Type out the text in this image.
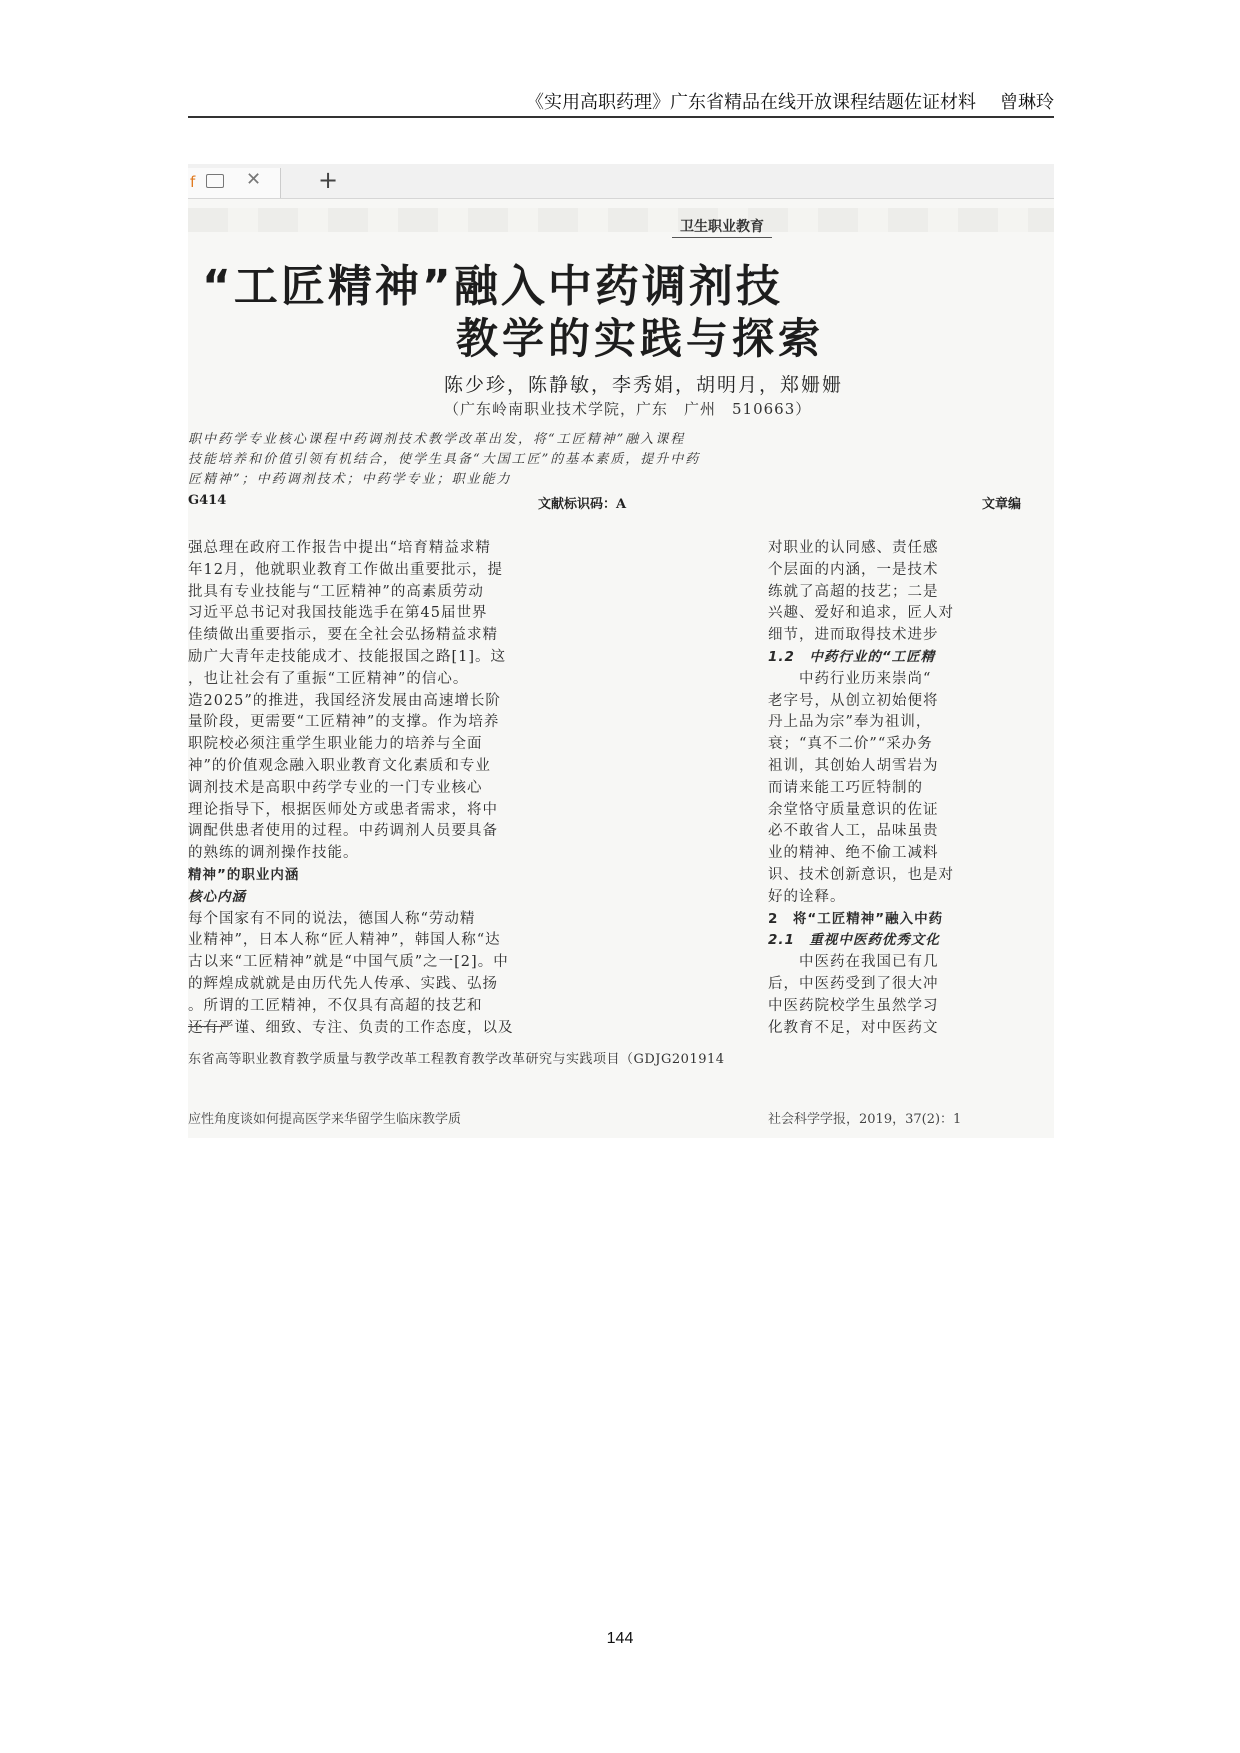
《实用高职药理》广东省精品在线开放课程结题佐证材料 曾琳玲
f	✕ +
卫生职业教育
“工匠精神”融入中药调剂技
教学的实践与探索
陈少珍，陈静敏，李秀娟，胡明月，郑姗姗
（广东岭南职业技术学院，广东　广州　510663）
职中药学专业核心课程中药调剂技术教学改革出发，将“工匠精神”融入课程
技能培养和价值引领有机结合，使学生具备“大国工匠”的基本素质，提升中药
匠精神”；中药调剂技术；中药学专业；职业能力
G414	文献标识码：A	文章编
强总理在政府工作报告中提出“培育精益求精
年12月，他就职业教育工作做出重要批示，提
批具有专业技能与“工匠精神”的高素质劳动
习近平总书记对我国技能选手在第45届世界
佳绩做出重要指示，要在全社会弘扬精益求精
励广大青年走技能成才、技能报国之路[1]。这
，也让社会有了重振“工匠精神”的信心。
造2025”的推进，我国经济发展由高速增长阶
量阶段，更需要“工匠精神”的支撑。作为培养
职院校必须注重学生职业能力的培养与全面
神”的价值观念融入职业教育文化素质和专业
调剂技术是高职中药学专业的一门专业核心
理论指导下，根据医师处方或患者需求，将中
调配供患者使用的过程。中药调剂人员要具备
的熟练的调剂操作技能。
精神”的职业内涵
核心内涵
每个国家有不同的说法，德国人称“劳动精
业精神”，日本人称“匠人精神”，韩国人称“达
古以来“工匠精神”就是“中国气质”之一[2]。中
的辉煌成就就是由历代先人传承、实践、弘扬
。所谓的工匠精神，不仅具有高超的技艺和
还有严谨、细致、专注、负责的工作态度，以及
对职业的认同感、责任感
个层面的内涵，一是技术
练就了高超的技艺；二是
兴趣、爱好和追求，匠人对
细节，进而取得技术进步
1.2　中药行业的“工匠精
　　中药行业历来崇尚“
老字号，从创立初始便将
丹上品为宗”奉为祖训，
衰；“真不二价”“采办务
祖训，其创始人胡雪岩为
而请来能工巧匠特制的
余堂恪守质量意识的佐证
必不敢省人工，品味虽贵
业的精神、绝不偷工减料
识、技术创新意识，也是对
好的诠释。
2　将“工匠精神”融入中药
2.1　重视中医药优秀文化
　　中医药在我国已有几
后，中医药受到了很大冲
中医药院校学生虽然学习
化教育不足，对中医药文
东省高等职业教育教学质量与教学改革工程教育教学改革研究与实践项目（GDJG201914
应性角度谈如何提高医学来华留学生临床教学质	社会科学学报，2019，37(2)：1
144
